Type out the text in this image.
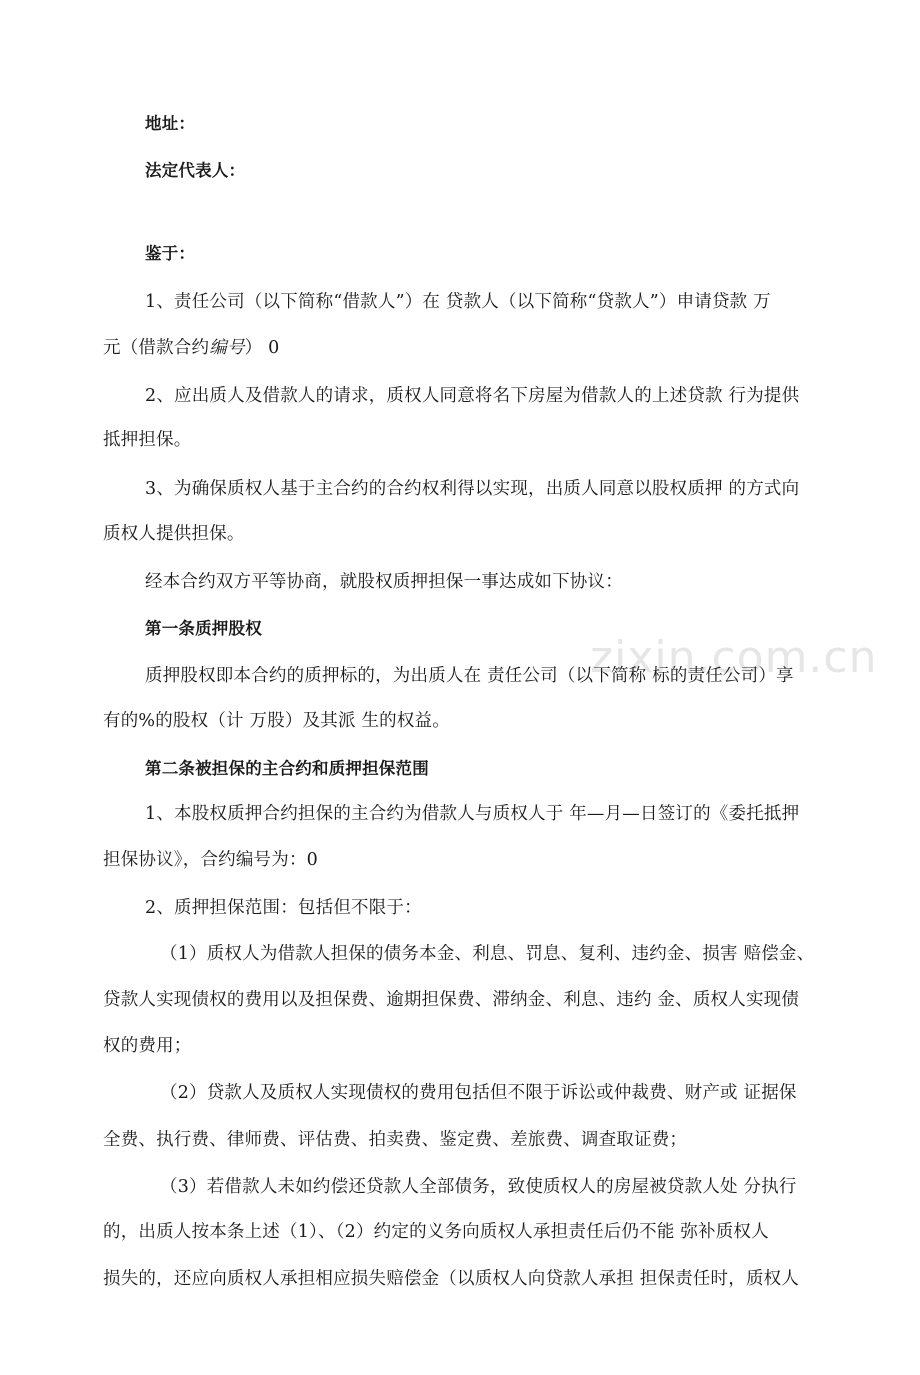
zixin.com.cn
地址：
法定代表人：
鉴于：
1、责任公司（以下简称“借款人”）在 贷款人（以下简称“贷款人”）申请贷款 万
元（借款合约编号） 0
2、应出质人及借款人的请求，质权人同意将名下房屋为借款人的上述贷款 行为提供
抵押担保。
3、为确保质权人基于主合约的合约权利得以实现，出质人同意以股权质押 的方式向
质权人提供担保。
经本合约双方平等协商，就股权质押担保一事达成如下协议：
第一条质押股权
质押股权即本合约的质押标的，为出质人在 责任公司（以下简称 标的责任公司）享
有的%的股权（计 万股）及其派 生的权益。
第二条被担保的主合约和质押担保范围
1、本股权质押合约担保的主合约为借款人与质权人于 年—月—日签订的《委托抵押
担保协议》，合约编号为：0
2、质押担保范围：包括但不限于：
（1）质权人为借款人担保的债务本金、利息、罚息、复利、违约金、损害 赔偿金、
贷款人实现债权的费用以及担保费、逾期担保费、滞纳金、利息、违约 金、质权人实现债
权的费用；
（2）贷款人及质权人实现债权的费用包括但不限于诉讼或仲裁费、财产或 证据保
全费、执行费、律师费、评估费、拍卖费、鉴定费、差旅费、调查取证费；
（3）若借款人未如约偿还贷款人全部债务，致使质权人的房屋被贷款人处 分执行
的，出质人按本条上述（1）、（2）约定的义务向质权人承担责任后仍不能 弥补质权人
损失的，还应向质权人承担相应损失赔偿金（以质权人向贷款人承担 担保责任时，质权人
